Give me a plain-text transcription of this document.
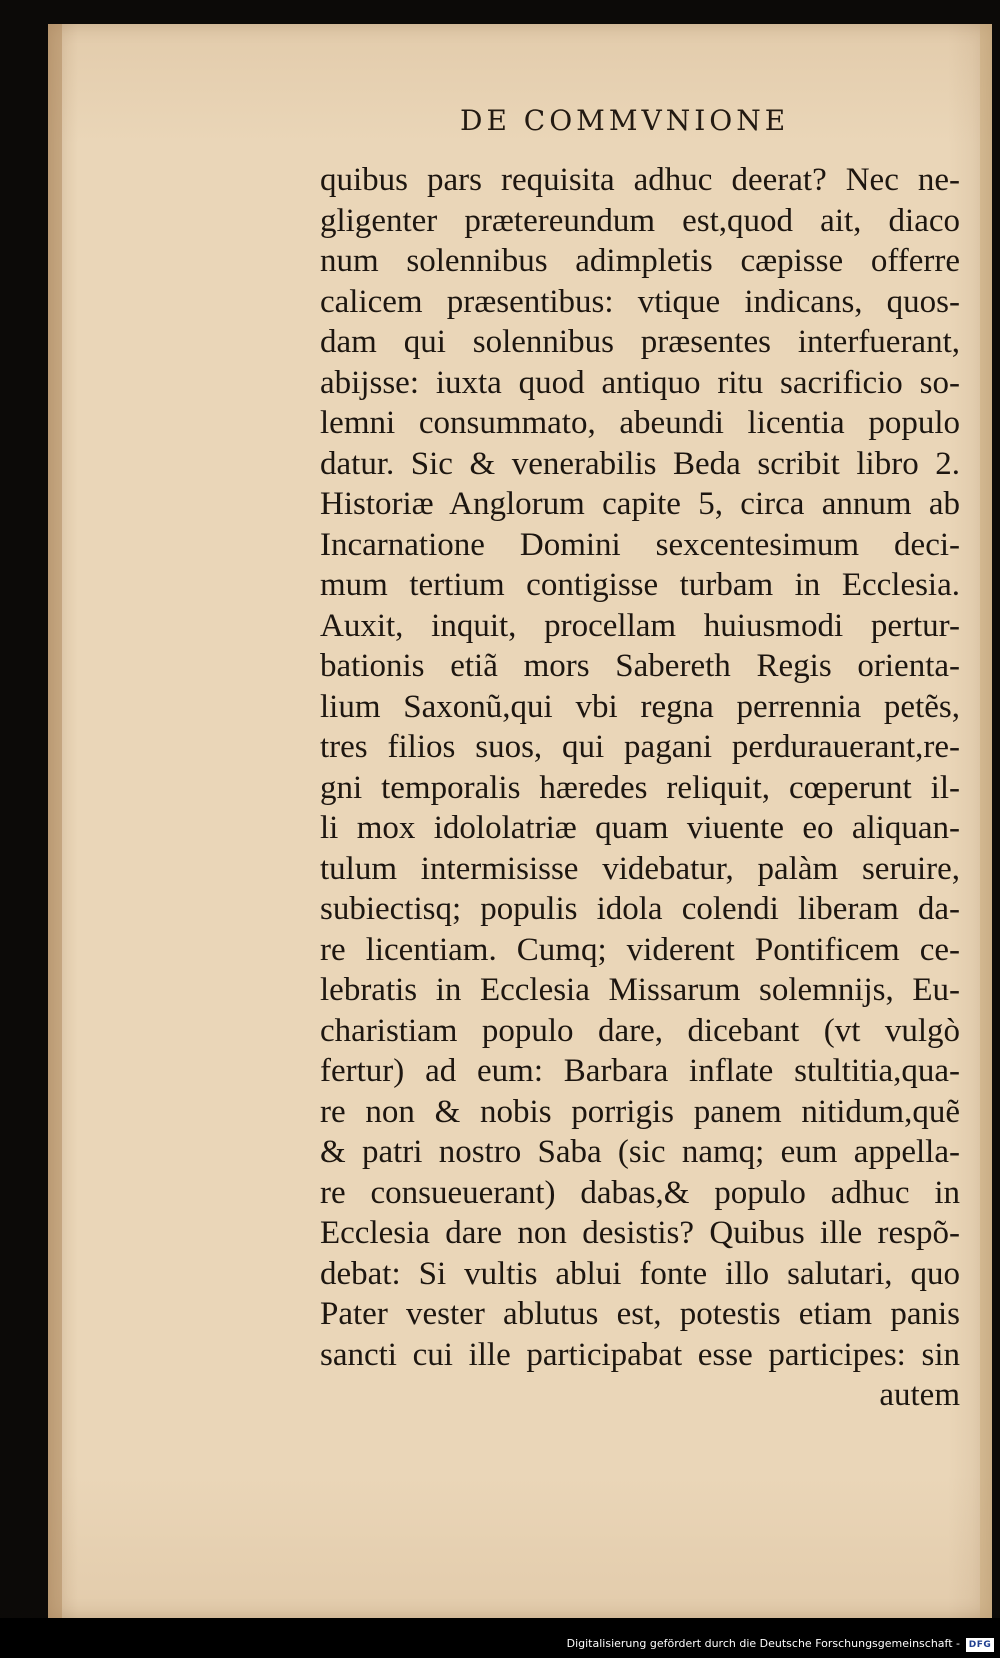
DE COMMVNIONE
quibus pars requisita adhuc deerat? Nec ne-
gligenter prætereundum est,quod ait, diaco
num solennibus adimpletis cæpisse offerre
calicem præsentibus: vtique indicans, quos-
dam qui solennibus præsentes interfuerant,
abijsse: iuxta quod antiquo ritu sacrificio so-
lemni consummato, abeundi licentia populo
datur. Sic & venerabilis Beda scribit libro 2.
Historiæ Anglorum capite 5, circa annum ab
Incarnatione Domini sexcentesimum deci-
mum tertium contigisse turbam in Ecclesia.
Auxit, inquit, procellam huiusmodi pertur-
bationis etiã mors Sabereth Regis orienta-
lium Saxonũ,qui vbi regna perrennia petẽs,
tres filios suos, qui pagani perdurauerant,re-
gni temporalis hæredes reliquit, cœperunt il-
li mox idololatriæ quam viuente eo aliquan-
tulum intermisisse videbatur, palàm seruire,
subiectisq; populis idola colendi liberam da-
re licentiam. Cumq; viderent Pontificem ce-
lebratis in Ecclesia Missarum solemnijs, Eu-
charistiam populo dare, dicebant (vt vulgò
fertur) ad eum: Barbara inflate stultitia,qua-
re non & nobis porrigis panem nitidum,quẽ
& patri nostro Saba (sic namq; eum appella-
re consueuerant) dabas,& populo adhuc in
Ecclesia dare non desistis? Quibus ille respõ-
debat: Si vultis ablui fonte illo salutari, quo
Pater vester ablutus est, potestis etiam panis
sancti cui ille participabat esse participes: sin
autem
Digitalisierung gefördert durch die Deutsche Forschungsgemeinschaft - DFG
